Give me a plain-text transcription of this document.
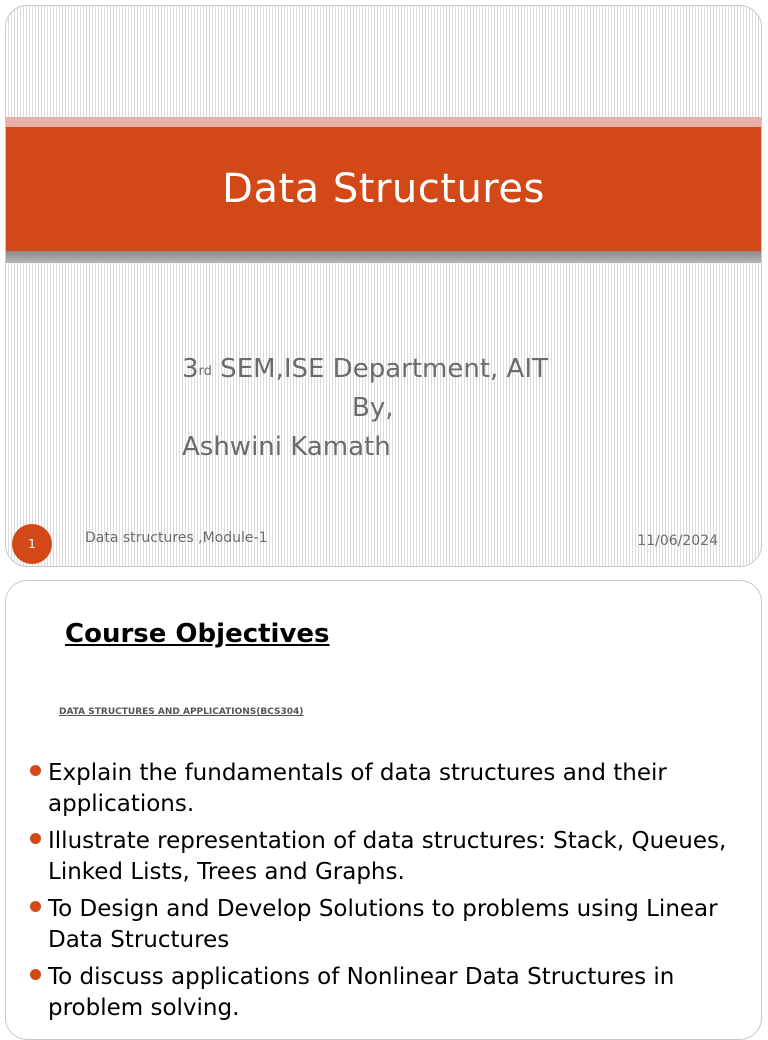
Data Structures
3rd SEM,ISE Department, AIT
By,
Ashwini Kamath
1	Data structures ,Module-1	11/06/2024
Course Objectives
DATA STRUCTURES AND APPLICATIONS(BCS304)
Explain the fundamentals of data structures and their applications.
Illustrate representation of data structures: Stack, Queues, Linked Lists, Trees and Graphs.
To Design and Develop Solutions to problems using Linear Data Structures
To discuss applications of Nonlinear Data Structures in problem solving.
